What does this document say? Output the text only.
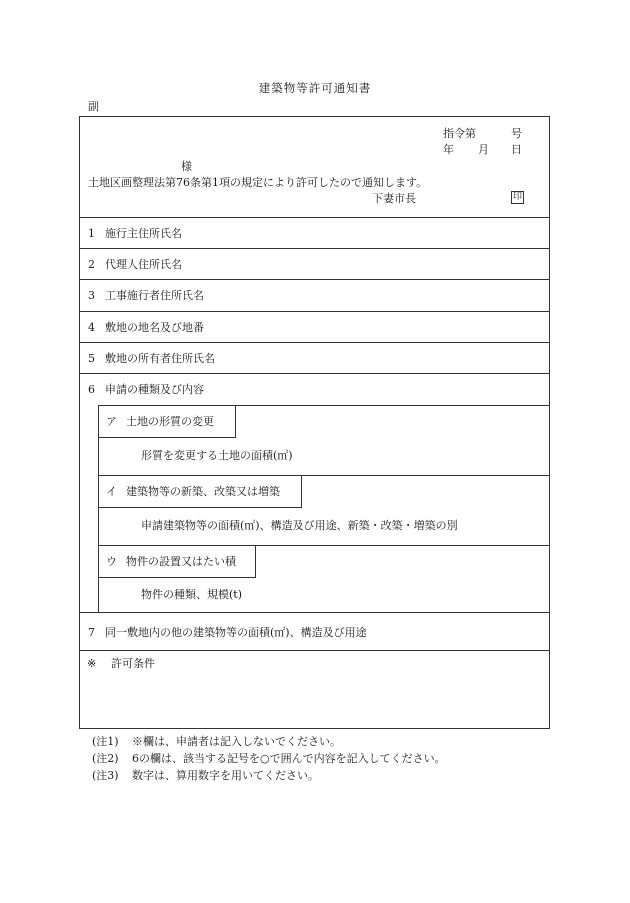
建築物等許可通知書
副
指令第	号
年 月 日
様
土地区画整理法第76条第1項の規定により許可したので通知します。
下妻市長	印
1 施行主住所氏名
2 代理人住所氏名
3 工事施行者住所氏名
4 敷地の地名及び地番
5 敷地の所有者住所氏名
6 申請の種類及び内容
ア 土地の形質の変更
形質を変更する土地の面積(㎡)
イ 建築物等の新築、改築又は増築
申請建築物等の面積(㎡)、構造及び用途、新築・改築・増築の別
ウ 物件の設置又はたい積
物件の種類、規模(t)
7 同一敷地内の他の建築物等の面積(㎡)、構造及び用途
※ 許可条件
(注1) ※欄は、申請者は記入しないでください。
(注2) 6の欄は、該当する記号を○で囲んで内容を記入してください。
(注3) 数字は、算用数字を用いてください。
